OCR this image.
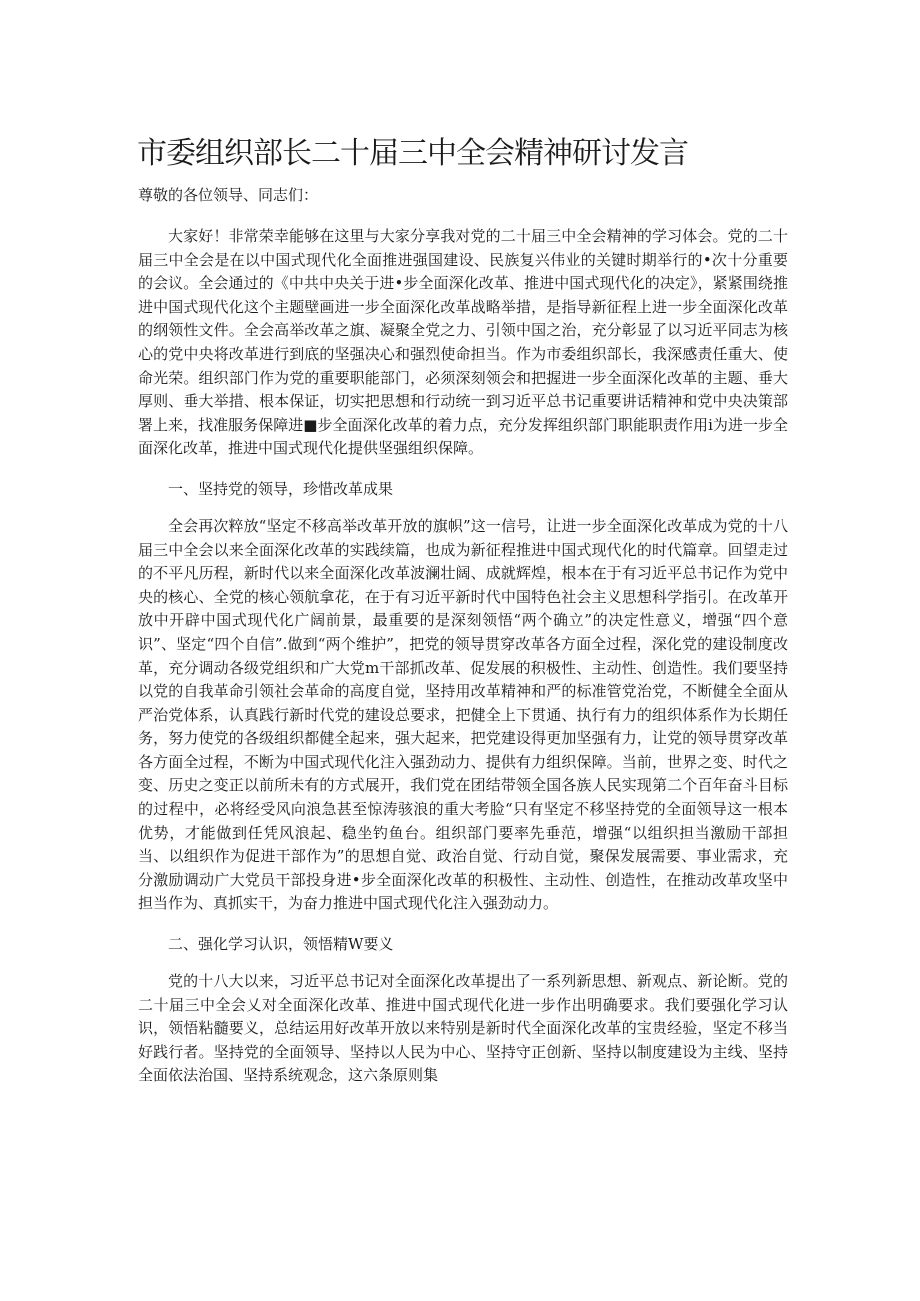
市委组织部长二十届三中全会精神研讨发言

尊敬的各位领导、同志们：

大家好！非常荣幸能够在这里与大家分享我对党的二十届三中全会精神的学习体会。党的二十届三中全会是在以中国式现代化全面推进强国建设、民族复兴伟业的关键时期举行的•次十分重要的会议。全会通过的《中共中央关于进•步全面深化改革、推进中国式现代化的决定》，紧紧围绕推进中国式现代化这个主题壁画进一步全面深化改革战略举措，是指导新征程上进一步全面深化改革的纲领性文件。全会高举改革之旗、凝聚全党之力、引领中国之治，充分彰显了以习近平同志为核心的党中央将改革进行到底的坚强决心和强烈使命担当。作为市委组织部长，我深感责任重大、使命光荣。组织部门作为党的重要职能部门，必须深刻领会和把握进一步全面深化改革的主题、垂大厚则、垂大举措、根本保证，切实把思想和行动统一到习近平总书记重要讲话精神和党中央决策部署上来，找准服务保障进■步全面深化改革的着力点，充分发挥组织部门职能职责作用i为进一步全面深化改革，推进中国式现代化提供坚强组织保障。

一、坚持党的领导，珍惜改革成果

全会再次粹放“坚定不移高举改革开放的旗帜”这一信号，让进一步全面深化改革成为党的十八届三中全会以来全面深化改革的实践续篇，也成为新征程推进中国式现代化的时代篇章。回望走过的不平凡历程，新时代以来全面深化改革波澜壮阔、成就辉煌，根本在于有习近平总书记作为党中央的核心、全党的核心领航拿花，在于有习近平新时代中国特色社会主义思想科学指引。在改革开放中开辟中国式现代化广阔前景，最重要的是深刻领悟“两个确立”的决定性意义，增强“四个意识”、坚定“四个自信”.做到“两个维护”，把党的领导贯穿改革各方面全过程，深化党的建设制度改革，充分调动各级党组织和广大党m干部抓改革、促发展的积极性、主动性、创造性。我们要坚持以党的自我革命引领社会革命的高度自觉，坚持用改革精神和严的标准管党治党，不断健全全面从严治党体系，认真践行新时代党的建设总要求，把健全上下贯通、执行有力的组织体系作为长期任务，努力使党的各级组织都健全起来，强大起来，把党建设得更加坚强有力，让党的领导贯穿改革各方面全过程，不断为中国式现代化注入强劲动力、提供有力组织保障。当前，世界之变、时代之变、历史之变正以前所未有的方式展开，我们党在团结带领全国各族人民实现第二个百年奋斗目标的过程中，必将经受风向浪急甚至惊涛骇浪的重大考脸“只有坚定不移坚持党的全面领导这一根本优势，才能做到任凭风浪起、稳坐钓鱼台。组织部门要率先垂范，增强“以组织担当激励干部担当、以组织作为促进干部作为”的思想自觉、政治自觉、行动自觉，聚保发展需要、事业需求，充分激励调动广大党员干部投身进•步全面深化改革的积极性、主动性、创造性，在推动改革攻坚中担当作为、真抓实干，为奋力推进中国式现代化注入强劲动力。

二、强化学习认识，领悟精W要义

党的十八大以来，习近平总书记对全面深化改革提出了一系列新思想、新观点、新论断。党的二十届三中全会乂对全面深化改革、推进中国式现代化进一步作出明确要求。我们要强化学习认识，领悟粘髓要义，总结运用好改革开放以来特别是新时代全面深化改革的宝贵经验，坚定不移当好践行者。坚持党的全面领导、坚持以人民为中心、坚持守正创新、坚持以制度建设为主线、坚持全面依法治国、坚持系统观念，这六条原则集
